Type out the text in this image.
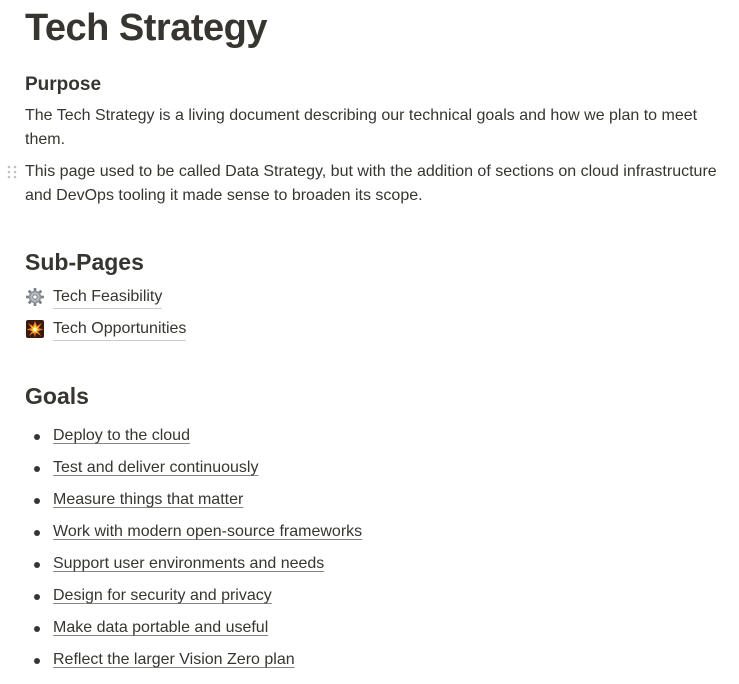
Tech Strategy
Purpose

The Tech Strategy is a living document describing our technical goals and how we plan to meet them.

This page used to be called Data Strategy, but with the addition of sections on cloud infrastructure and DevOps tooling it made sense to broaden its scope.
Sub-Pages
Tech Feasibility
Tech Opportunities
Goals
Deploy to the cloud
Test and deliver continuously
Measure things that matter
Work with modern open-source frameworks
Support user environments and needs
Design for security and privacy
Make data portable and useful
Reflect the larger Vision Zero plan
